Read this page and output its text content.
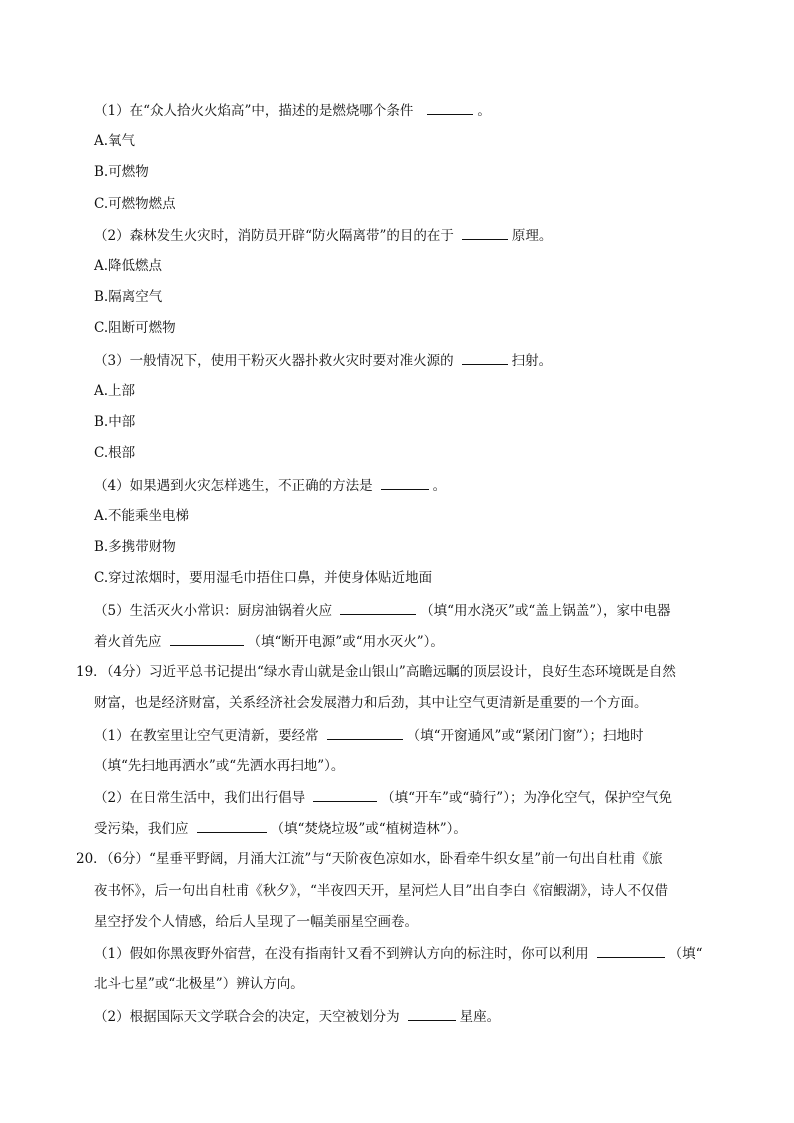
（1）在“众人拾火火焰高”中，描述的是燃烧哪个条件	。
A.氧气
B.可燃物
C.可燃物燃点
（2）森林发生火灾时，消防员开辟“防火隔离带”的目的在于	原理。
A.降低燃点
B.隔离空气
C.阻断可燃物
（3）一般情况下，使用干粉灭火器扑救火灾时要对准火源的	扫射。
A.上部
B.中部
C.根部
（4）如果遇到火灾怎样逃生，不正确的方法是	。
A.不能乘坐电梯
B.多携带财物
C.穿过浓烟时，要用湿毛巾捂住口鼻，并使身体贴近地面
（5）生活灭火小常识：厨房油锅着火应	（填“用水浇灭”或“盖上锅盖”），家中电器
着火首先应	（填“断开电源”或“用水灭火”）。
19．（4分）习近平总书记提出“绿水青山就是金山银山”高瞻远瞩的顶层设计，良好生态环境既是自然
财富，也是经济财富，关系经济社会发展潜力和后劲，其中让空气更清新是重要的一个方面。
（1）在教室里让空气更清新，要经常	（填“开窗通风”或“紧闭门窗”）；扫地时
（填“先扫地再洒水”或“先洒水再扫地”）。
（2）在日常生活中，我们出行倡导	（填“开车”或“骑行”）；为净化空气，保护空气免
受污染，我们应	（填“焚烧垃圾”或“植树造林”）。
20．（6分）“星垂平野阔，月涌大江流”与“天阶夜色凉如水，卧看牵牛织女星”前一句出自杜甫《旅
夜书怀》，后一句出自杜甫《秋夕》，“半夜四天开，星河烂人目”出自李白《宿鰕湖》，诗人不仅借
星空抒发个人情感，给后人呈现了一幅美丽星空画卷。
（1）假如你黑夜野外宿营，在没有指南针又看不到辨认方向的标注时，你可以利用	（填“
北斗七星”或“北极星”）辨认方向。
（2）根据国际天文学联合会的决定，天空被划分为	星座。
